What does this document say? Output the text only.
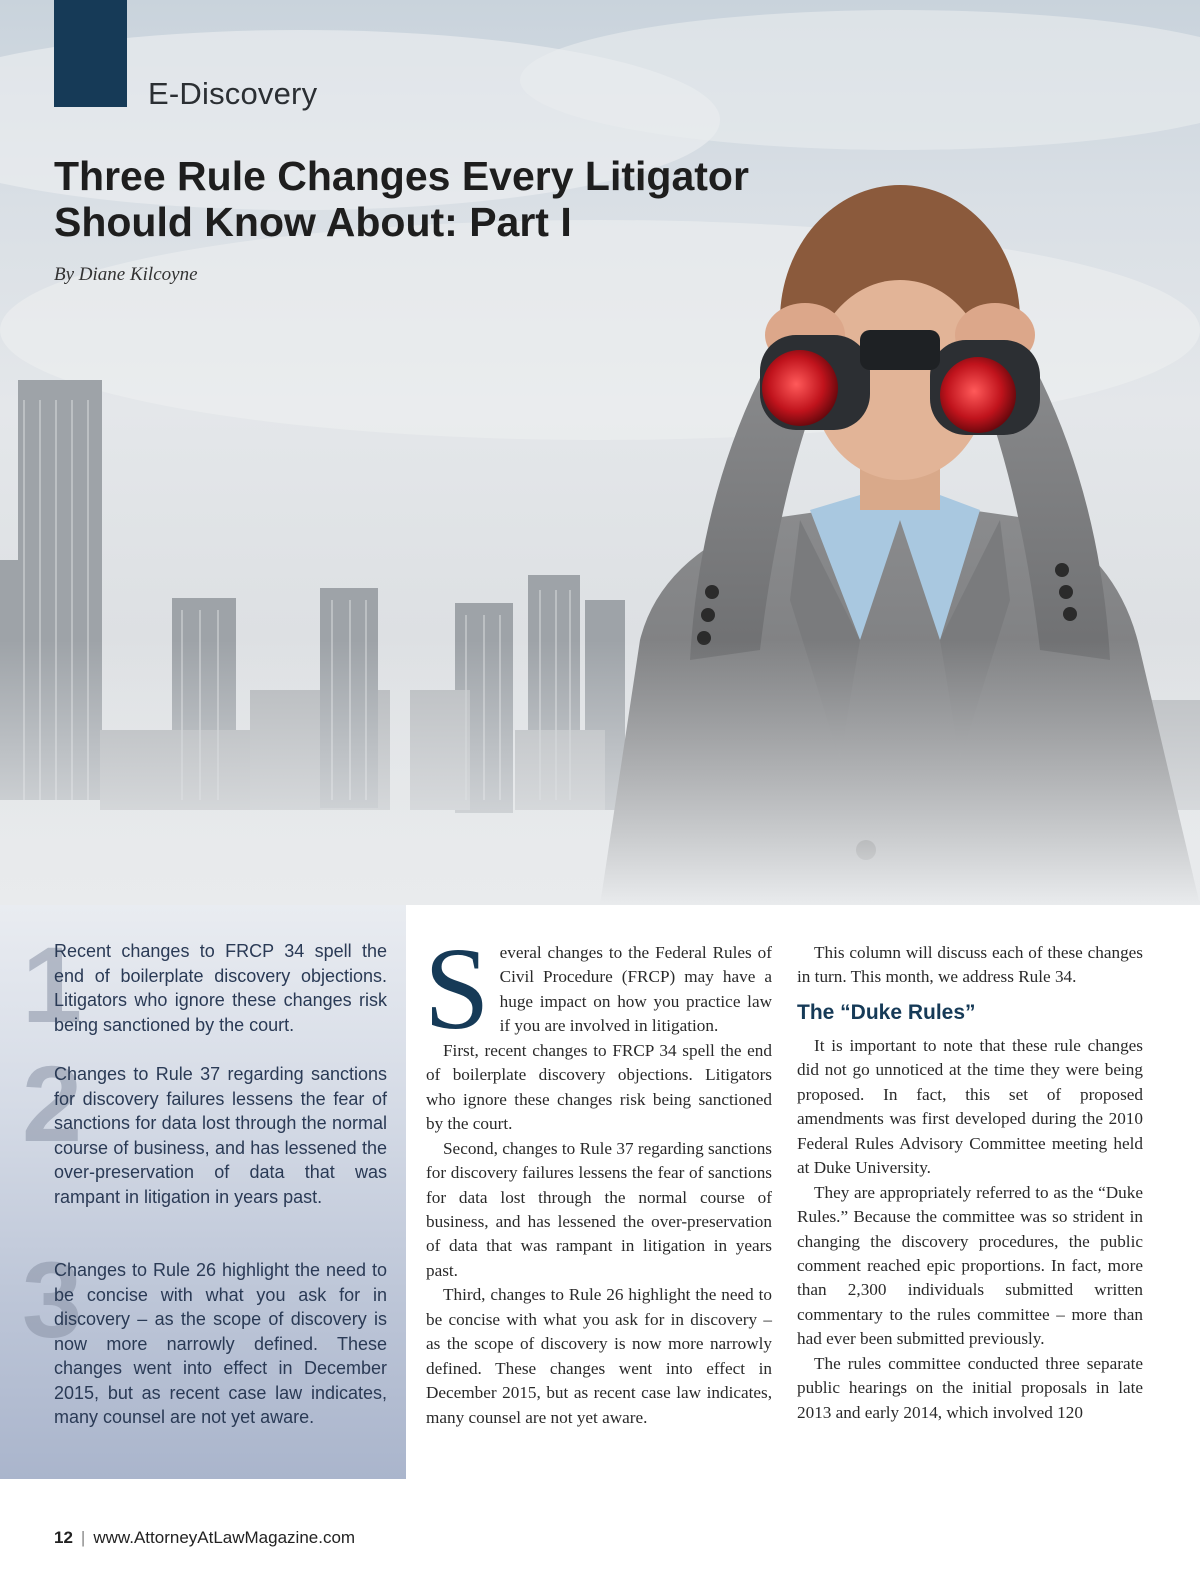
E-Discovery
Three Rule Changes Every Litigator
Should Know About: Part I
By Diane Kilcoyne
1

Recent changes to FRCP 34 spell the end of boilerplate discovery objections. Litigators who ignore these changes risk being sanctioned by the court.

2

Changes to Rule 37 regarding sanctions for discovery failures lessens the fear of sanctions for data lost through the normal course of business, and has lessened the over-preservation of data that was rampant in litigation in years past.

3

Changes to Rule 26 highlight the need to be concise with what you ask for in discovery – as the scope of discovery is now more narrowly defined. These changes went into effect in December 2015, but as recent case law indicates, many counsel are not yet aware.

Several changes to the Federal Rules of Civil Procedure (FRCP) may have a huge impact on how you practice law if you are involved in litigation.

First, recent changes to FRCP 34 spell the end of boilerplate discovery objections. Litigators who ignore these changes risk being sanctioned by the court.

Second, changes to Rule 37 regarding sanctions for discovery failures lessens the fear of sanctions for data lost through the normal course of business, and has lessened the over-preservation of data that was rampant in litigation in years past.

Third, changes to Rule 26 highlight the need to be concise with what you ask for in discovery – as the scope of discovery is now more narrowly defined. These changes went into effect in December 2015, but as recent case law indicates, many counsel are not yet aware.

This column will discuss each of these changes in turn. This month, we address Rule 34.

The “Duke Rules”

It is important to note that these rule changes did not go unnoticed at the time they were being proposed. In fact, this set of proposed amendments was first developed during the 2010 Federal Rules Advisory Committee meeting held at Duke University.

They are appropriately referred to as the “Duke Rules.” Because the committee was so strident in changing the discovery procedures, the public comment reached epic proportions. In fact, more than 2,300 individuals submitted written commentary to the rules committee – more than had ever been submitted previously.

The rules committee conducted three separate public hearings on the initial proposals in late 2013 and early 2014, which involved 120

12 | www.AttorneyAtLawMagazine.com
